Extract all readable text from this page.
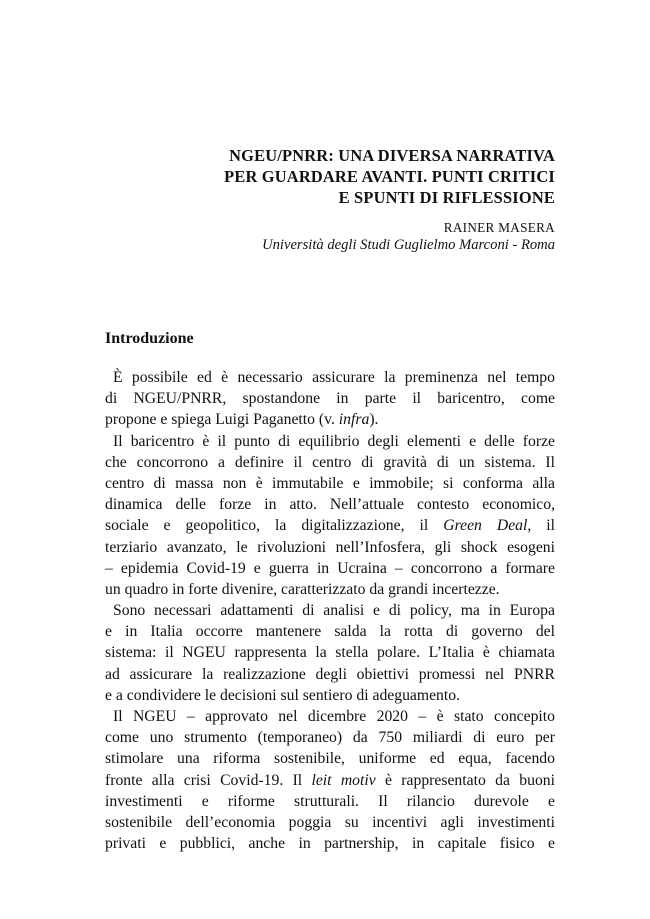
NGEU/PNRR: UNA DIVERSA NARRATIVA
PER GUARDARE AVANTI. PUNTI CRITICI
E SPUNTI DI RIFLESSIONE
RAINER MASERA
Università degli Studi Guglielmo Marconi - Roma
Introduzione
È possibile ed è necessario assicurare la preminenza nel tempo
di NGEU/PNRR, spostandone in parte il baricentro, come
propone e spiega Luigi Paganetto (v. infra).
Il baricentro è il punto di equilibrio degli elementi e delle forze
che concorrono a definire il centro di gravità di un sistema. Il
centro di massa non è immutabile e immobile; si conforma alla
dinamica delle forze in atto. Nell’attuale contesto economico,
sociale e geopolitico, la digitalizzazione, il Green Deal, il
terziario avanzato, le rivoluzioni nell’Infosfera, gli shock esogeni
– epidemia Covid-19 e guerra in Ucraina – concorrono a formare
un quadro in forte divenire, caratterizzato da grandi incertezze.
Sono necessari adattamenti di analisi e di policy, ma in Europa
e in Italia occorre mantenere salda la rotta di governo del
sistema: il NGEU rappresenta la stella polare. L’Italia è chiamata
ad assicurare la realizzazione degli obiettivi promessi nel PNRR
e a condividere le decisioni sul sentiero di adeguamento.
Il NGEU – approvato nel dicembre 2020 – è stato concepito
come uno strumento (temporaneo) da 750 miliardi di euro per
stimolare una riforma sostenibile, uniforme ed equa, facendo
fronte alla crisi Covid-19. Il leit motiv è rappresentato da buoni
investimenti e riforme strutturali. Il rilancio durevole e
sostenibile dell’economia poggia su incentivi agli investimenti
privati e pubblici, anche in partnership, in capitale fisico e
